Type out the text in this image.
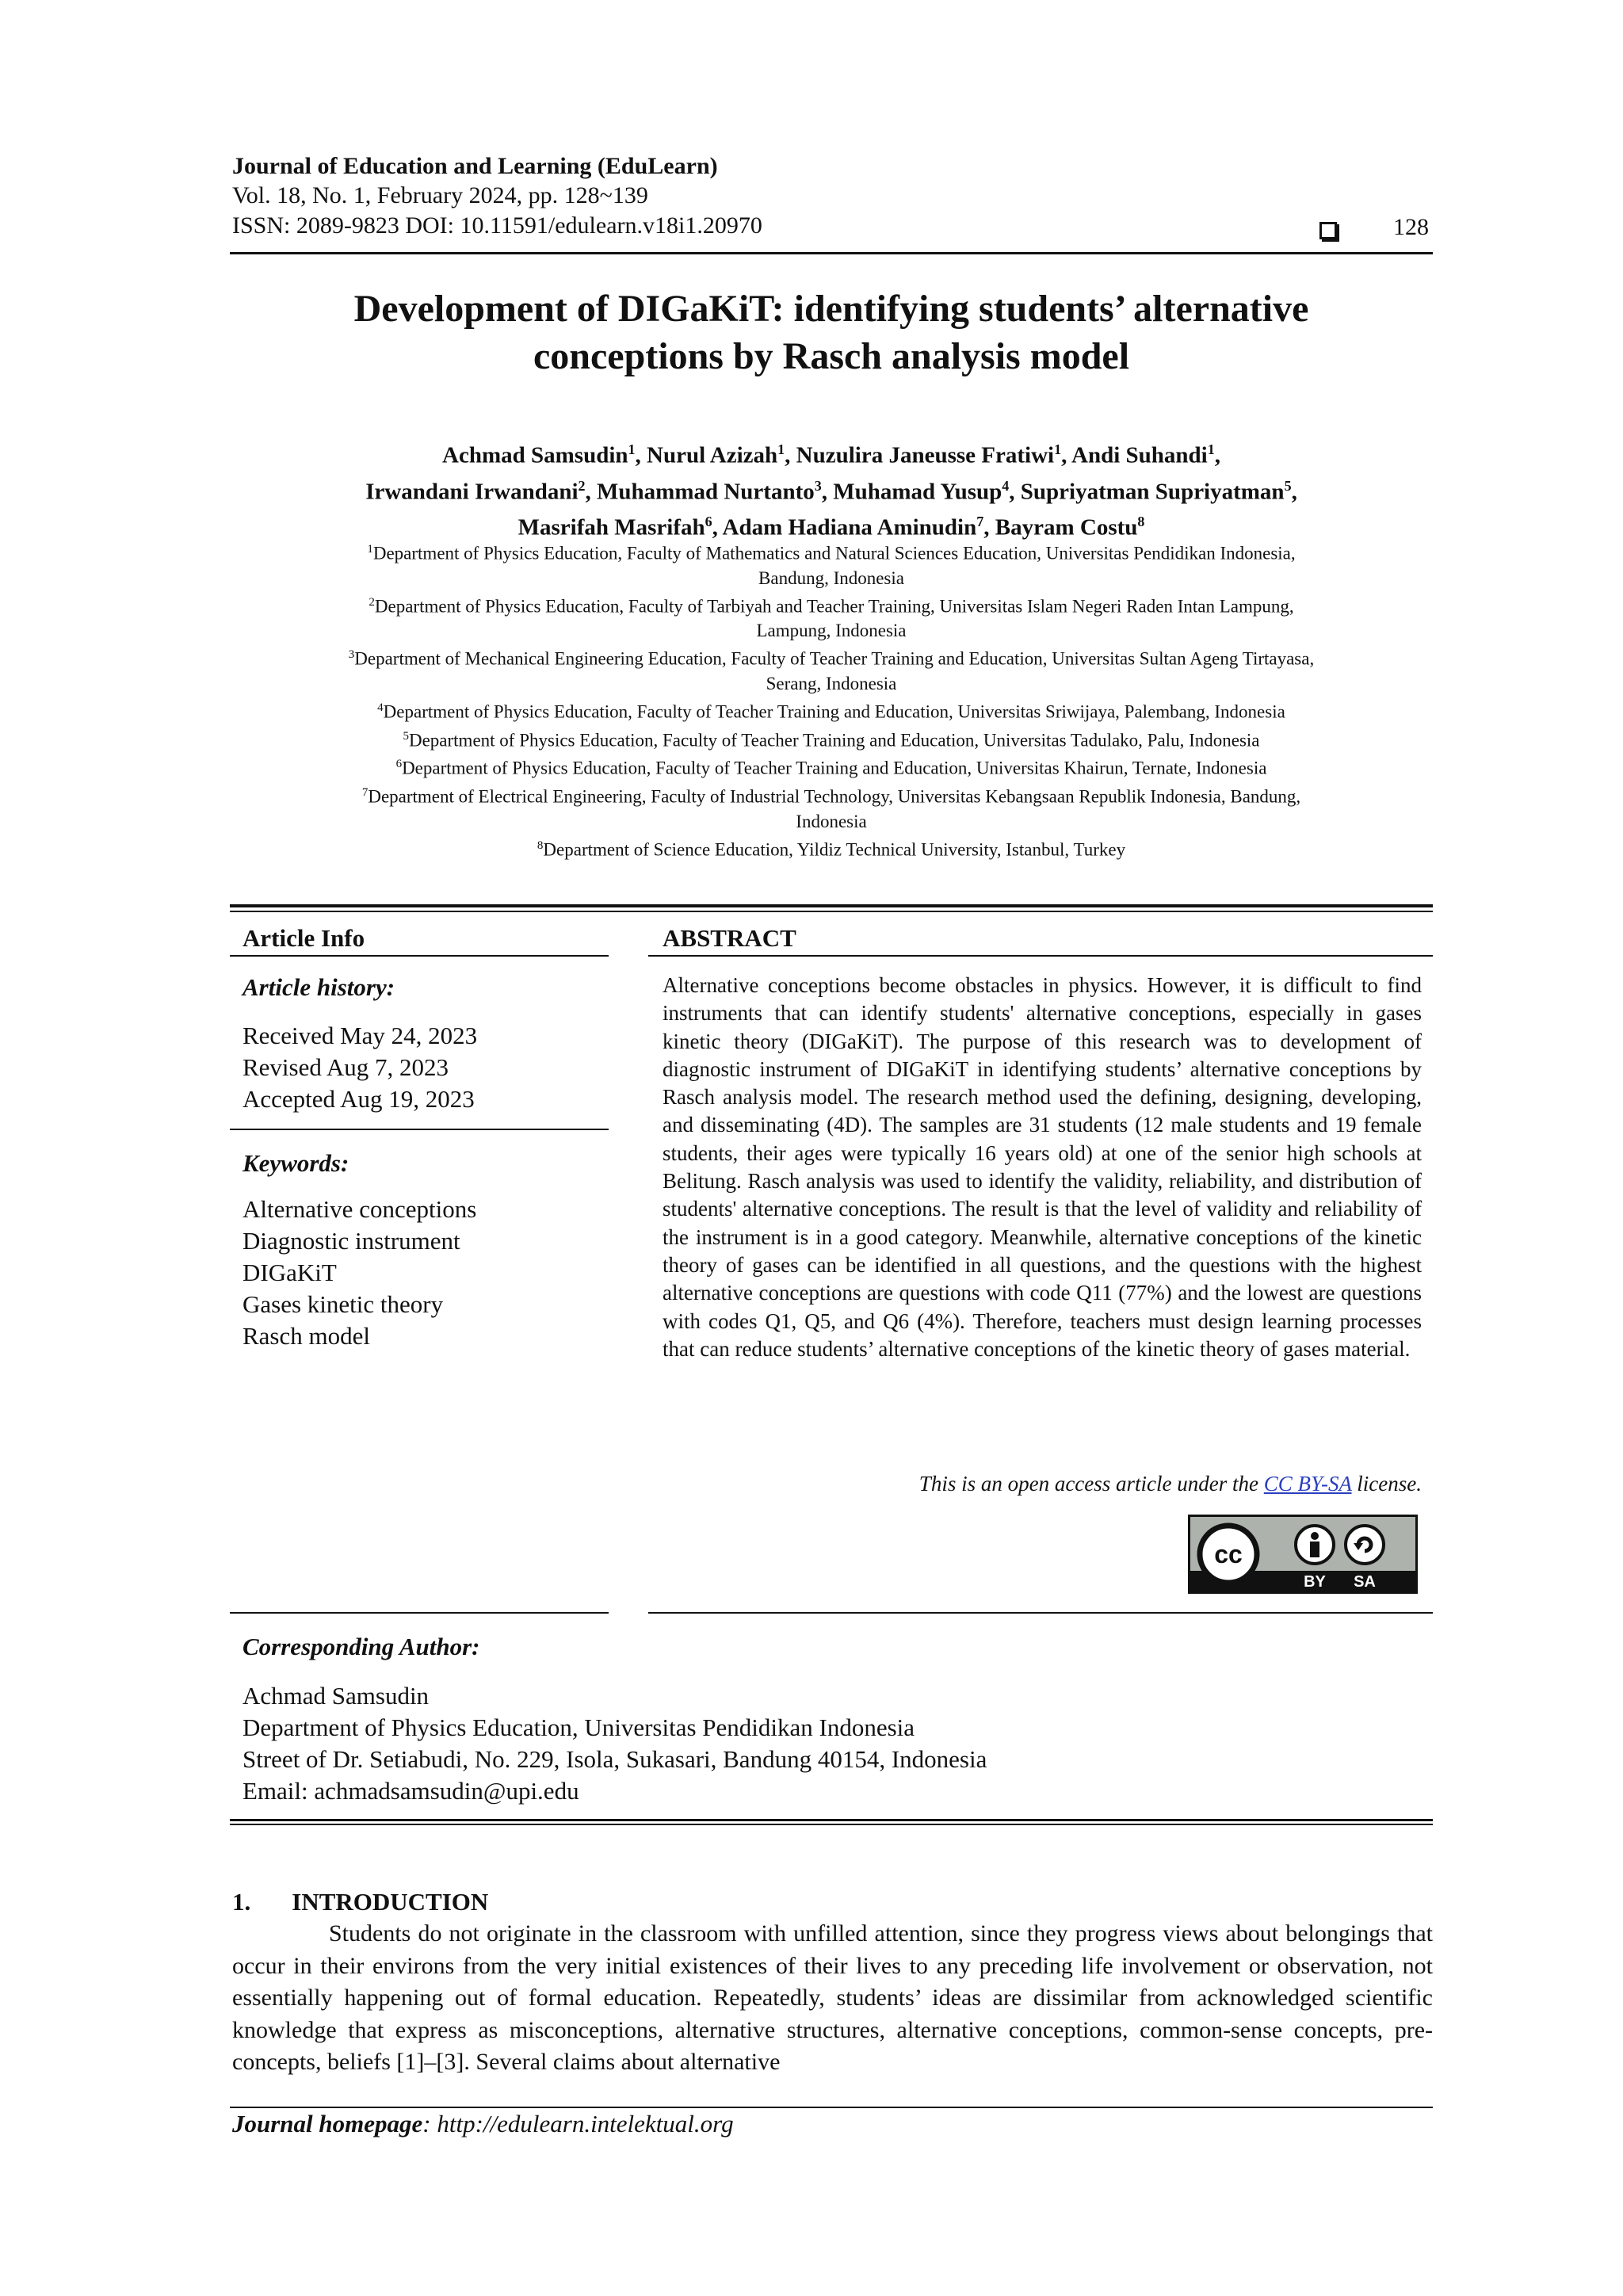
Journal of Education and Learning (EduLearn)
Vol. 18, No. 1, February 2024, pp. 128~139
ISSN: 2089-9823 DOI: 10.11591/edulearn.v18i1.20970	128
Development of DIGaKiT: identifying students’ alternative
conceptions by Rasch analysis model
Achmad Samsudin$^1$, Nurul Azizah$^1$, Nuzulira Janeusse Fratiwi$^1$, Andi Suhandi$^1$,
Irwandani Irwandani$^2$, Muhammad Nurtanto$^3$, Muhamad Yusup$^4$, Supriyatman Supriyatman$^5$,
Masrifah Masrifah$^6$, Adam Hadiana Aminudin$^7$, Bayram Costu$^8$
$^1$Department of Physics Education, Faculty of Mathematics and Natural Sciences Education, Universitas Pendidikan Indonesia,
Bandung, Indonesia
$^2$Department of Physics Education, Faculty of Tarbiyah and Teacher Training, Universitas Islam Negeri Raden Intan Lampung,
Lampung, Indonesia
$^3$Department of Mechanical Engineering Education, Faculty of Teacher Training and Education, Universitas Sultan Ageng Tirtayasa,
Serang, Indonesia
$^4$Department of Physics Education, Faculty of Teacher Training and Education, Universitas Sriwijaya, Palembang, Indonesia
$^5$Department of Physics Education, Faculty of Teacher Training and Education, Universitas Tadulako, Palu, Indonesia
$^6$Department of Physics Education, Faculty of Teacher Training and Education, Universitas Khairun, Ternate, Indonesia
$^7$Department of Electrical Engineering, Faculty of Industrial Technology, Universitas Kebangsaan Republik Indonesia, Bandung,
Indonesia
$^8$Department of Science Education, Yildiz Technical University, Istanbul, Turkey
Article Info
Article history:
Received May 24, 2023
Revised Aug 7, 2023
Accepted Aug 19, 2023
Keywords:
Alternative conceptions
Diagnostic instrument
DIGaKiT
Gases kinetic theory
Rasch model
ABSTRACT
Alternative conceptions become obstacles in physics. However, it is difficult to find instruments that can identify students' alternative conceptions, especially in gases kinetic theory (DIGaKiT). The purpose of this research was to development of diagnostic instrument of DIGaKiT in identifying students’ alternative conceptions by Rasch analysis model. The research method used the defining, designing, developing, and disseminating (4D). The samples are 31 students (12 male students and 19 female students, their ages were typically 16 years old) at one of the senior high schools at Belitung. Rasch analysis was used to identify the validity, reliability, and distribution of students' alternative conceptions. The result is that the level of validity and reliability of the instrument is in a good category. Meanwhile, alternative conceptions of the kinetic theory of gases can be identified in all questions, and the questions with the highest alternative conceptions are questions with code Q11 (77%) and the lowest are questions with codes Q1, Q5, and Q6 (4%). Therefore, teachers must design learning processes that can reduce students’ alternative conceptions of the kinetic theory of gases material.
This is an open access article under the CC BY-SA license.
cc
BY SA
Corresponding Author:
Achmad Samsudin
Department of Physics Education, Universitas Pendidikan Indonesia
Street of Dr. Setiabudi, No. 229, Isola, Sukasari, Bandung 40154, Indonesia
Email: achmadsamsudin@upi.edu
1. INTRODUCTION
Students do not originate in the classroom with unfilled attention, since they progress views about belongings that occur in their environs from the very initial existences of their lives to any preceding life involvement or observation, not essentially happening out of formal education. Repeatedly, students’ ideas are dissimilar from acknowledged scientific knowledge that express as misconceptions, alternative structures, alternative conceptions, common-sense concepts, pre-concepts, beliefs [1]–[3]. Several claims about alternative
Journal homepage: http://edulearn.intelektual.org
